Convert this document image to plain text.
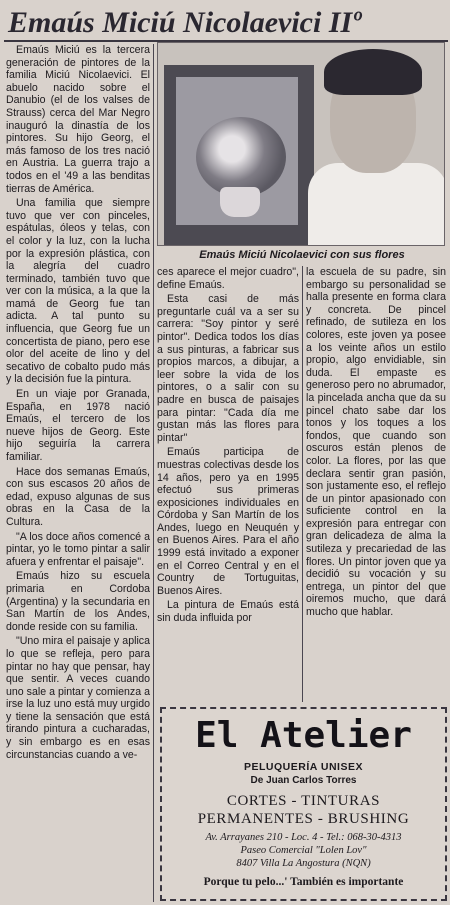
Emaús Miciú Nicolaevici IIº

Emaús Miciú es la tercera generación de pintores de la familia Miciú Nicolaevici. El abuelo nacido sobre el Danubio (el de los valses de Strauss) cerca del Mar Negro inauguró la dinastía de los pintores. Su hijo Georg, el más famoso de los tres nació en Austria. La guerra trajo a todos en el '49 a las benditas tierras de América.

Una familia que siempre tuvo que ver con pinceles, espátulas, óleos y telas, con el color y la luz, con la lucha por la expresión plástica, con la alegría del cuadro terminado, también tuvo que ver con la música, a la que la mamá de Georg fue tan adicta. A tal punto su influencia, que Georg fue un concertista de piano, pero ese olor del aceite de lino y del secativo de cobalto pudo más y la decisión fue la pintura.

En un viaje por Granada, España, en 1978 nació Emaús, el tercero de los nueve hijos de Georg. Este hijo seguiría la carrera familiar.

Hace dos semanas Emaús, con sus escasos 20 años de edad, expuso algunas de sus obras en la Casa de la Cultura.

"A los doce años comencé a pintar, yo le tomo pintar a salir afuera y enfrentar el paisaje".

Emaús hizo su escuela primaria en Cordoba (Argentina) y la secundaria en San Martín de los Andes, donde reside con su familia.

"Uno mira el paisaje y aplica lo que se refleja, pero para pintar no hay que pensar, hay que sentir. A veces cuando uno sale a pintar y comienza a irse la luz uno está muy urgido y tiene la sensación que está tirando pintura a cucharadas, y sin embargo es en esas circunstancias cuando a ve-

Emaús Miciú Nicolaevici con sus flores

ces aparece el mejor cuadro", define Emaús.

Esta casi de más preguntarle cuál va a ser su carrera: "Soy pintor y seré pintor". Dedica todos los días a sus pinturas, a fabricar sus propios marcos, a dibujar, a leer sobre la vida de los pintores, o a salir con su padre en busca de paisajes para pintar: "Cada día me gustan más las flores para pintar"

Emaús participa de muestras colectivas desde los 14 años, pero ya en 1995 efectuó sus primeras exposiciones individuales en Córdoba y San Martín de los Andes, luego en Neuquén y en Buenos Aires. Para el año 1999 está invitado a exponer en el Correo Central y en el Country de Tortuguitas, Buenos Aires.

La pintura de Emaús está sin duda influida por

la escuela de su padre, sin embargo su personalidad se halla presente en forma clara y concreta. De pincel refinado, de sutileza en los colores, este joven ya posee a los veinte años un estilo propio, algo envidiable, sin duda. El empaste es generoso pero no abrumador, la pincelada ancha que da su pincel chato sabe dar los tonos y los toques a los fondos, que cuando son oscuros están plenos de color. La flores, por las que declara sentir gran pasión, son justamente eso, el reflejo de un pintor apasionado con suficiente control en la expresión para entregar con gran delicadeza de alma la sutileza y precariedad de las flores. Un pintor joven que ya decidió su vocación y su entrega, un pintor del que oiremos mucho, que dará mucho que hablar.

El Atelier
PELUQUERÍA UNISEX
De Juan Carlos Torres
CORTES - TINTURAS
PERMANENTES - BRUSHING
Av. Arrayanes 210 - Loc. 4 - Tel.: 068-30-4313
Paseo Comercial "Lolen Lov"
8407 Villa La Angostura (NQN)
Porque tu pelo...' También es importante
